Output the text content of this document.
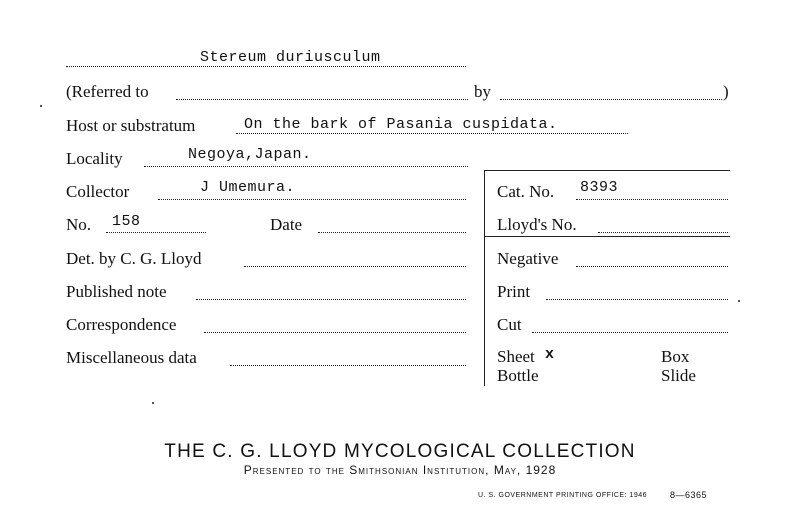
Stereum duriusculum
(Referred to	by	)
Host or substratum	On the bark of Pasania cuspidata.
Locality	Negoya,Japan.
Collector	J Umemura.
No. 158	Date
Det. by C. G. Lloyd
Published note
Correspondence
Miscellaneous data
Cat. No. 8393
Lloyd's No.
Negative
Print
Cut
Sheet x	Box
Bottle	Slide
THE C. G. LLOYD MYCOLOGICAL COLLECTION
Presented to the Smithsonian Institution, May, 1928
U. S. GOVERNMENT PRINTING OFFICE: 1946	8—6365
